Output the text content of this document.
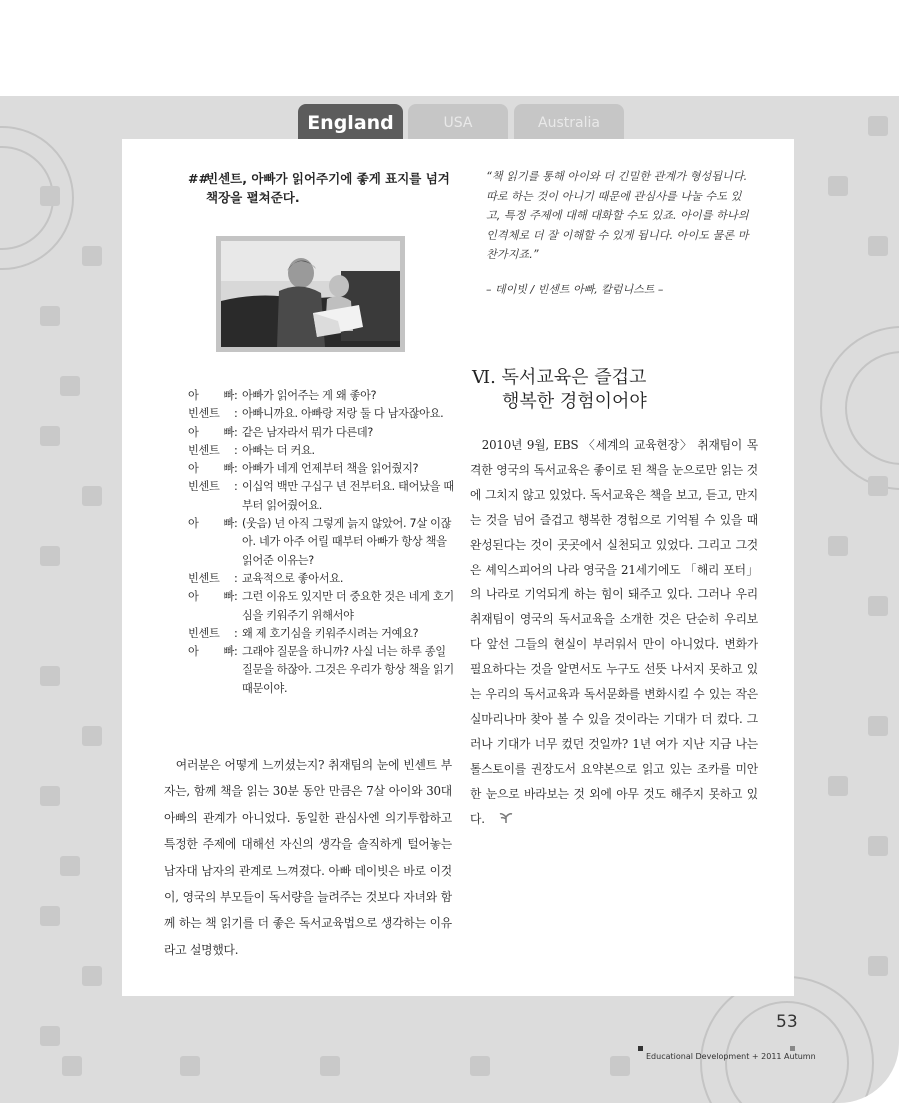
England	USA	Australia
##
빈센트, 아빠가 읽어주기에 좋게 표지를 넘겨 책장을 펼쳐준다.
아 빠 : 아빠가 읽어주는 게 왜 좋아?
빈센트	: 아빠니까요. 아빠랑 저랑 둘 다 남자잖아요.
아 빠 : 같은 남자라서 뭐가 다른데?
빈센트	: 아빠는 더 커요.
아 빠 : 아빠가 네게 언제부터 책을 읽어줬지?
빈센트	: 이십억 백만 구십구 년 전부터요. 태어났을 때부터 읽어줬어요.
아 빠 : (웃음) 넌 아직 그렇게 늙지 않았어. 7살 이잖아. 네가 아주 어릴 때부터 아빠가 항상 책을 읽어준 이유는?
빈센트	: 교육적으로 좋아서요.
아 빠 : 그런 이유도 있지만 더 중요한 것은 네게 호기심을 키워주기 위해서야
빈센트	: 왜 제 호기심을 키워주시려는 거예요?
아 빠 : 그래야 질문을 하니까? 사실 너는 하루 종일 질문을 하잖아. 그것은 우리가 항상 책을 읽기 때문이야.

여러분은 어떻게 느끼셨는지? 취재팀의 눈에 빈센트 부자는, 함께 책을 읽는 30분 동안 만큼은 7살 아이와 30대 아빠의 관계가 아니었다. 동일한 관심사엔 의기투합하고 특정한 주제에 대해선 자신의 생각을 솔직하게 털어놓는 남자대 남자의 관계로 느껴졌다. 아빠 데이빗은 바로 이것이, 영국의 부모들이 독서량을 늘려주는 것보다 자녀와 함께 하는 책 읽기를 더 좋은 독서교육법으로 생각하는 이유라고 설명했다.

“책 읽기를 통해 아이와 더 긴밀한 관계가 형성됩니다. 따로 하는 것이 아니기 때문에 관심사를 나눌 수도 있고, 특정 주제에 대해 대화할 수도 있죠. 아이를 하나의 인격체로 더 잘 이해할 수 있게 됩니다. 아이도 물론 마찬가지죠.”
– 데이빗 / 빈센트 아빠, 칼럼니스트 –
Ⅵ. 독서교육은 즐겁고
행복한 경험이어야

2010년 9월, EBS 〈세계의 교육현장〉 취재팀이 목격한 영국의 독서교육은 좋이로 된 책을 눈으로만 읽는 것에 그치지 않고 있었다. 독서교육은 책을 보고, 듣고, 만지는 것을 넘어 즐겁고 행복한 경험으로 기억될 수 있을 때 완성된다는 것이 곳곳에서 실천되고 있었다. 그리고 그것은 셰익스피어의 나라 영국을 21세기에도 「해리 포터」의 나라로 기억되게 하는 힘이 돼주고 있다. 그러나 우리 취재팀이 영국의 독서교육을 소개한 것은 단순히 우리보다 앞선 그들의 현실이 부러워서 만이 아니었다. 변화가 필요하다는 것을 알면서도 누구도 선뜻 나서지 못하고 있는 우리의 독서교육과 독서문화를 변화시킬 수 있는 작은 실마리나마 찾아 볼 수 있을 것이라는 기대가 더 컸다. 그러나 기대가 너무 컸던 것일까? 1년 여가 지난 지금 나는 톨스토이를 권장도서 요약본으로 읽고 있는 조카를 미안한 눈으로 바라보는 것 외에 아무 것도 해주지 못하고 있다.

53
Educational Development + 2011 Autumn
